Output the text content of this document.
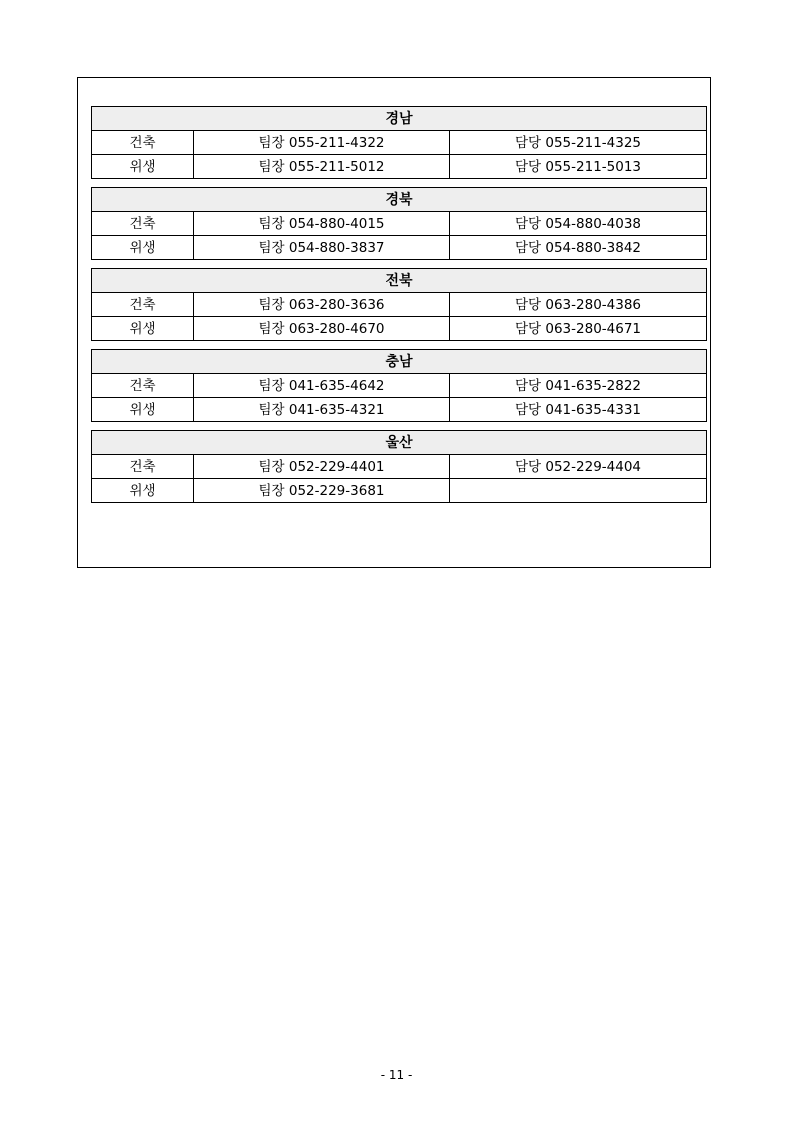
경남		
건축	팀장 055-211-4322	담당 055-211-4325
위생	팀장 055-211-5012	담당 055-211-5013
경북		
건축	팀장 054-880-4015	담당 054-880-4038
위생	팀장 054-880-3837	담당 054-880-3842
전북		
건축	팀장 063-280-3636	담당 063-280-4386
위생	팀장 063-280-4670	담당 063-280-4671
충남		
건축	팀장 041-635-4642	담당 041-635-2822
위생	팀장 041-635-4321	담당 041-635-4331
울산		
건축	팀장 052-229-4401	담당 052-229-4404
위생	팀장 052-229-3681	
- 11 -
